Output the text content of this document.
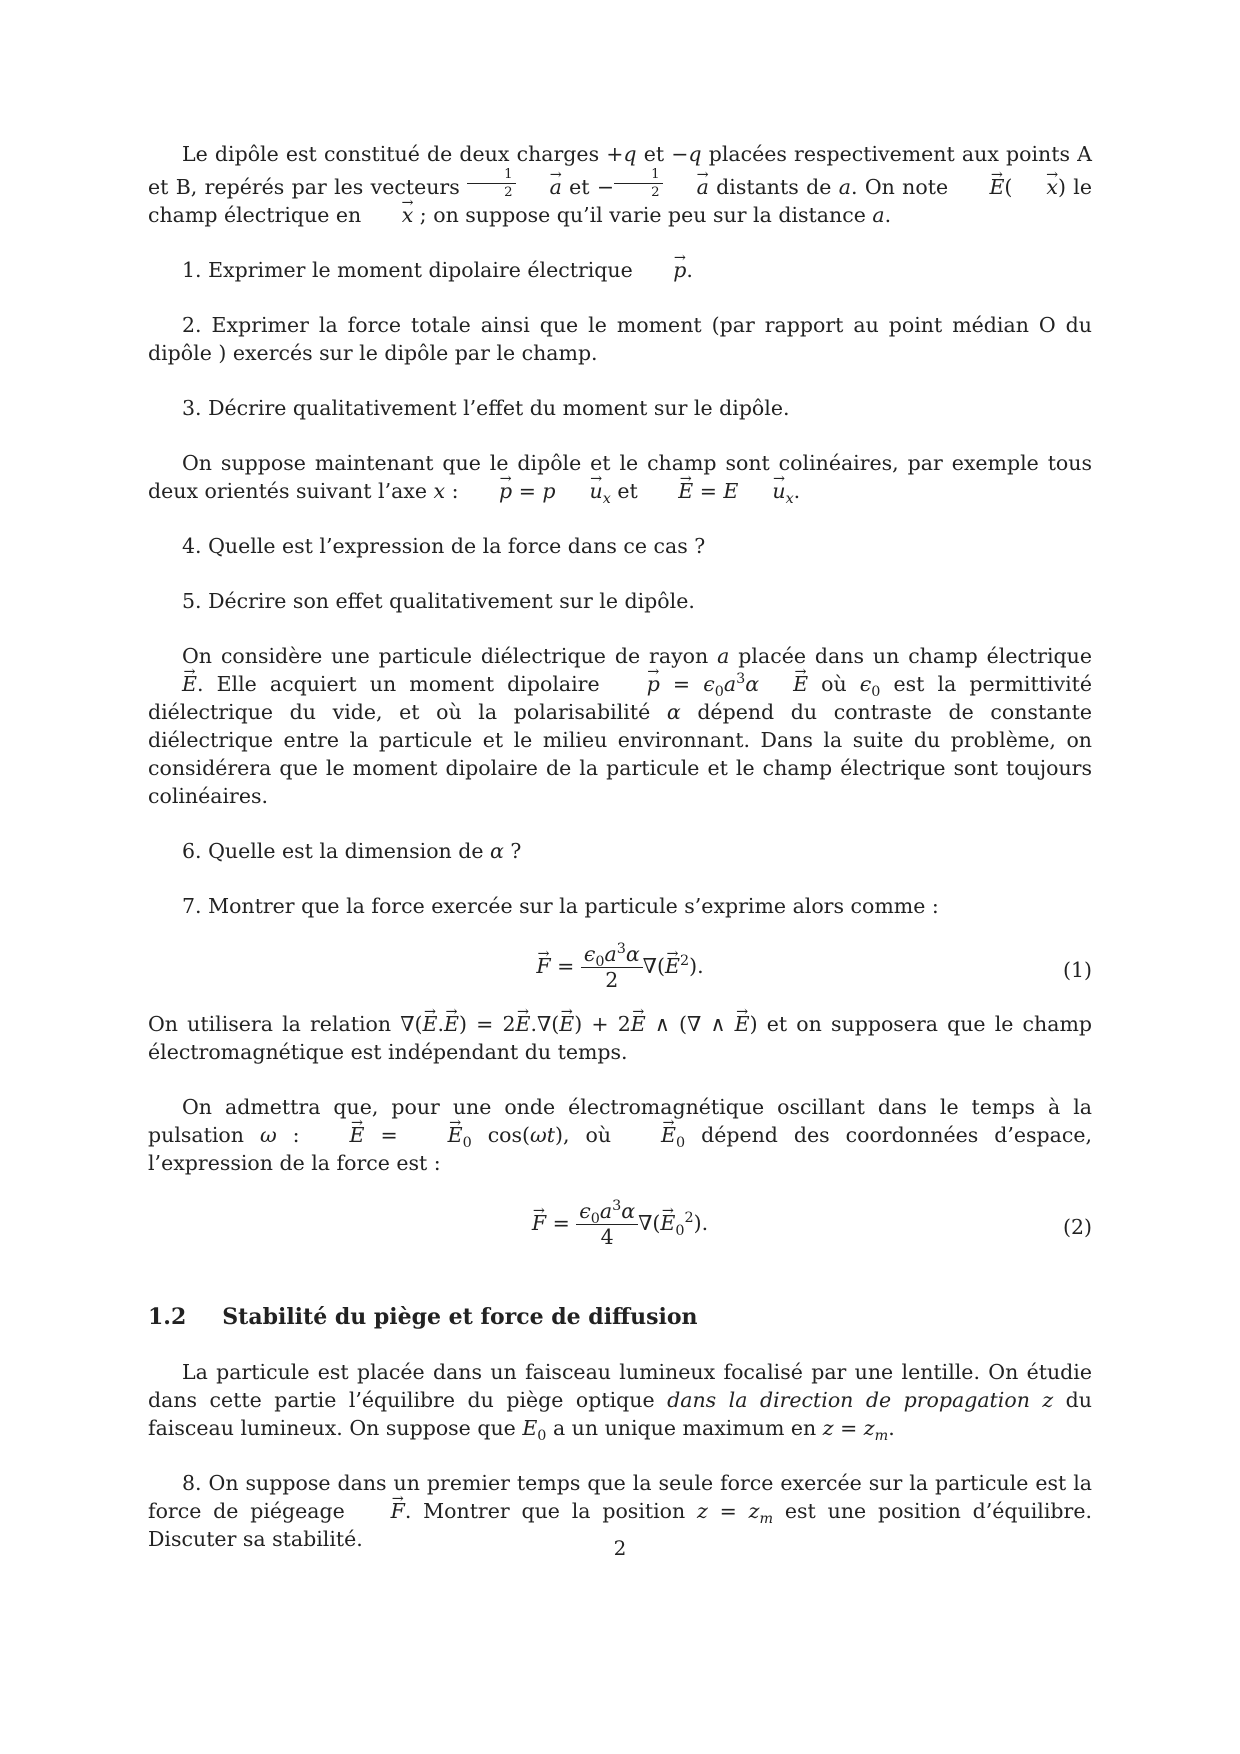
Le dipôle est constitué de deux charges +q et −q placées respectivement aux points A et B, repérés par les vecteurs $\frac{1}{2}$
→ a et − $\frac{1}{2}$
→ a distants de a. On note → E(→ x) le champ électrique en → x ; on suppose qu’il varie peu sur la distance a.

1. Exprimer le moment dipolaire électrique → p.

2. Exprimer la force totale ainsi que le moment (par rapport au point médian O du dipôle ) exercés sur le dipôle par le champ.

3. Décrire qualitativement l’effet du moment sur le dipôle.

On suppose maintenant que le dipôle et le champ sont colinéaires, par exemple tous deux orientés suivant l’axe x : → $p = p\to u_x$ et → $E = E\to u_x$.

4. Quelle est l’expression de la force dans ce cas ?

5. Décrire son effet qualitativement sur le dipôle.

On considère une particule diélectrique de rayon a placée dans un champ électrique → E. Elle acquiert un moment dipolaire → $p = \epsilon_0a^3\alpha\to E$ où $\epsilon_0$ est la permittivité diélectrique du vide, et où la polarisabilité α dépend du contraste de constante diélectrique entre la particule et le milieu environnant. Dans la suite du problème, on considérera que le moment dipolaire de la particule et le champ électrique sont toujours colinéaires.

6. Quelle est la dimension de α ?

7. Montrer que la force exercée sur la particule s’exprime alors comme :

→ $F = \frac{\epsilon_0a^3\alpha}{2}$ ∇(→ $E^2$).	(1)

On utilisera la relation ∇(→ E.→ E) = 2→ E.∇(→ E) + 2→ E ∧ (∇ ∧ → E) et on supposera que le champ électromagnétique est indépendant du temps.

On admettra que, pour une onde électromagnétique oscillant dans le temps à la pulsation ω : → E = → $E_0$ cos(ωt), où → $E_0$ dépend des coordonnées d’espace, l’expression de la force est :

→ $F = \frac{\epsilon_0a^3\alpha}{4}$ ∇(→ $E_0^2$).	(2)
1.2 Stabilité du piège et force de diffusion

La particule est placée dans un faisceau lumineux focalisé par une lentille. On étudie dans cette partie l’équilibre du piège optique dans la direction de propagation z du faisceau lumineux. On suppose que $E_0$ a un unique maximum en $z = z_m$.

8. On suppose dans un premier temps que la seule force exercée sur la particule est la force de piégeage → F. Montrer que la position $z = z_m$ est une position d’équilibre. Discuter sa stabilité.	2
